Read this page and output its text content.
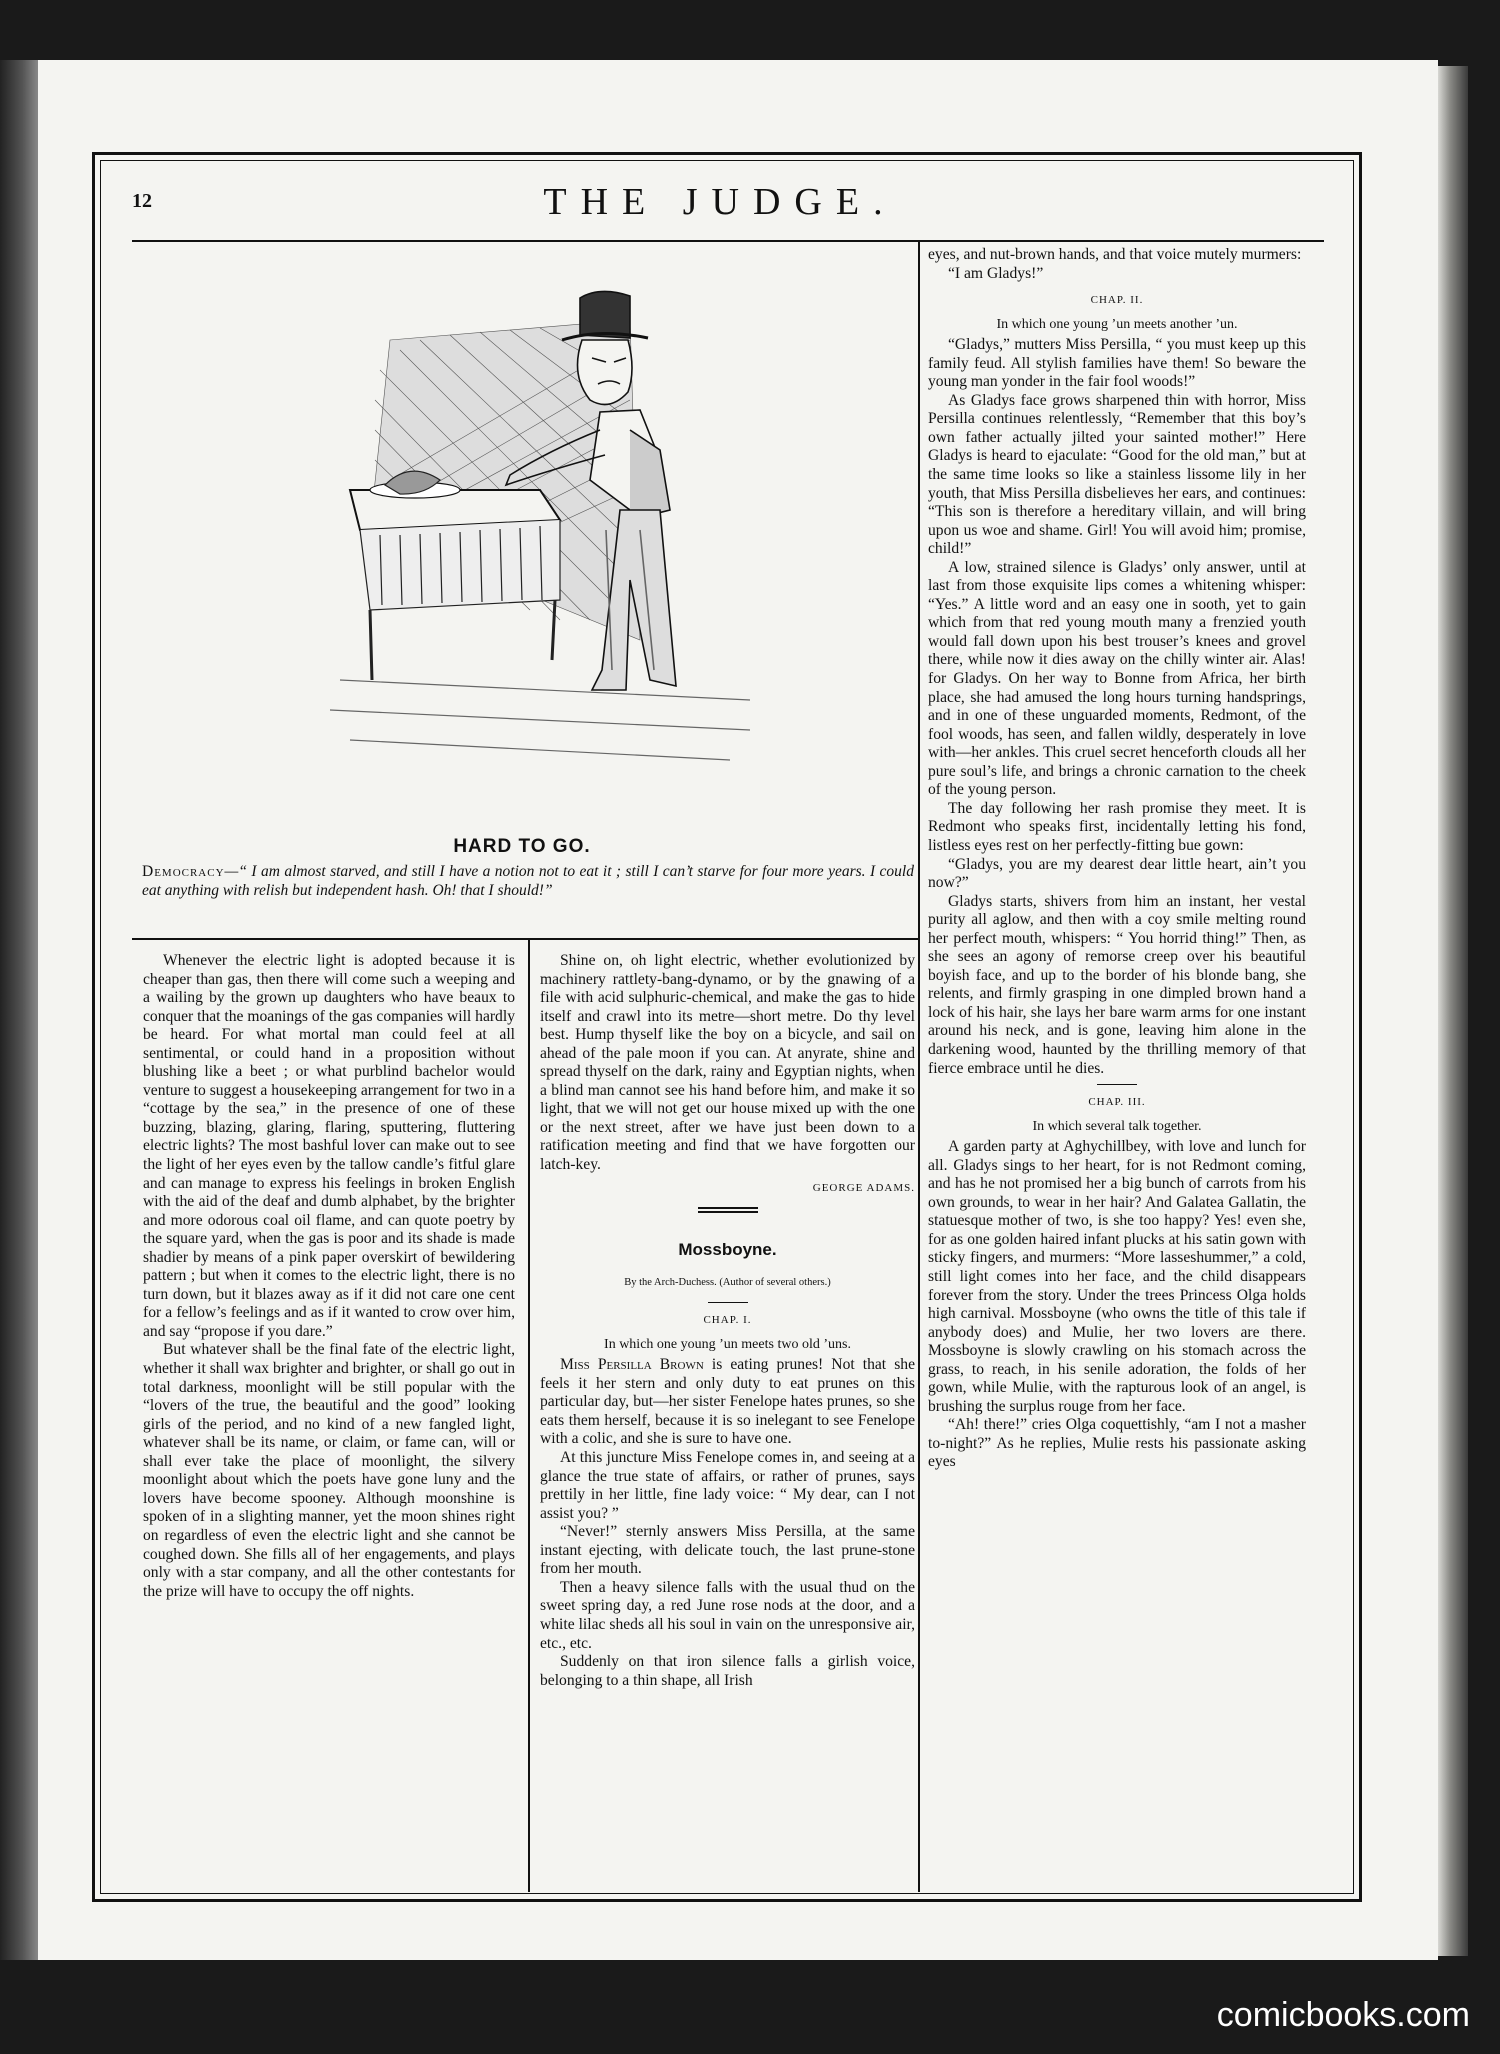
12	THE JUDGE.
HARD TO GO.
Democracy—“ I am almost starved, and still I have a notion not to eat it ; still I can’t starve for four more years. I could eat anything with relish but independent hash. Oh! that I should!”

Whenever the electric light is adopted because it is cheaper than gas, then there will come such a weeping and a wailing by the grown up daughters who have beaux to conquer that the moanings of the gas companies will hardly be heard. For what mortal man could feel at all sentimental, or could hand in a proposition without blushing like a beet ; or what purblind bachelor would venture to suggest a housekeeping arrangement for two in a “cottage by the sea,” in the presence of one of these buzzing, blazing, glaring, flaring, sputtering, fluttering electric lights? The most bashful lover can make out to see the light of her eyes even by the tallow candle’s fitful glare and can manage to express his feelings in broken English with the aid of the deaf and dumb alphabet, by the brighter and more odorous coal oil flame, and can quote poetry by the square yard, when the gas is poor and its shade is made shadier by means of a pink paper overskirt of bewildering pattern ; but when it comes to the electric light, there is no turn down, but it blazes away as if it did not care one cent for a fellow’s feelings and as if it wanted to crow over him, and say “propose if you dare.”

But whatever shall be the final fate of the electric light, whether it shall wax brighter and brighter, or shall go out in total darkness, moonlight will be still popular with the “lovers of the true, the beautiful and the good” looking girls of the period, and no kind of a new fangled light, whatever shall be its name, or claim, or fame can, will or shall ever take the place of moonlight, the silvery moonlight about which the poets have gone luny and the lovers have become spooney. Although moonshine is spoken of in a slighting manner, yet the moon shines right on regardless of even the electric light and she cannot be coughed down. She fills all of her engagements, and plays only with a star company, and all the other contestants for the prize will have to occupy the off nights.

Shine on, oh light electric, whether evolutionized by machinery rattlety-bang-dynamo, or by the gnawing of a file with acid sulphuric-chemical, and make the gas to hide itself and crawl into its metre—short metre. Do thy level best. Hump thyself like the boy on a bicycle, and sail on ahead of the pale moon if you can. At anyrate, shine and spread thyself on the dark, rainy and Egyptian nights, when a blind man cannot see his hand before him, and make it so light, that we will not get our house mixed up with the one or the next street, after we have just been down to a ratification meeting and find that we have forgotten our latch-key.

GEORGE ADAMS.
Mossboyne.
By the Arch-Duchess. (Author of several others.)
CHAP. I.
In which one young ’un meets two old ’uns.

Miss Persilla Brown is eating prunes! Not that she feels it her stern and only duty to eat prunes on this particular day, but—her sister Fenelope hates prunes, so she eats them herself, because it is so inelegant to see Fenelope with a colic, and she is sure to have one.

At this juncture Miss Fenelope comes in, and seeing at a glance the true state of affairs, or rather of prunes, says prettily in her little, fine lady voice: “ My dear, can I not assist you? ”

“Never!” sternly answers Miss Persilla, at the same instant ejecting, with delicate touch, the last prune-stone from her mouth.

Then a heavy silence falls with the usual thud on the sweet spring day, a red June rose nods at the door, and a white lilac sheds all his soul in vain on the unresponsive air, etc., etc.

Suddenly on that iron silence falls a girlish voice, belonging to a thin shape, all Irish

eyes, and nut-brown hands, and that voice mutely murmers:

“I am Gladys!”

CHAP. II.
In which one young ’un meets another ’un.

“Gladys,” mutters Miss Persilla, “ you must keep up this family feud. All stylish families have them! So beware the young man yonder in the fair fool woods!”

As Gladys face grows sharpened thin with horror, Miss Persilla continues relentlessly, “Remember that this boy’s own father actually jilted your sainted mother!” Here Gladys is heard to ejaculate: “Good for the old man,” but at the same time looks so like a stainless lissome lily in her youth, that Miss Persilla disbelieves her ears, and continues: “This son is therefore a hereditary villain, and will bring upon us woe and shame. Girl! You will avoid him; promise, child!”

A low, strained silence is Gladys’ only answer, until at last from those exquisite lips comes a whitening whisper: “Yes.” A little word and an easy one in sooth, yet to gain which from that red young mouth many a frenzied youth would fall down upon his best trouser’s knees and grovel there, while now it dies away on the chilly winter air. Alas! for Gladys. On her way to Bonne from Africa, her birth place, she had amused the long hours turning handsprings, and in one of these unguarded moments, Redmont, of the fool woods, has seen, and fallen wildly, desperately in love with—her ankles. This cruel secret henceforth clouds all her pure soul’s life, and brings a chronic carnation to the cheek of the young person.

The day following her rash promise they meet. It is Redmont who speaks first, incidentally letting his fond, listless eyes rest on her perfectly-fitting bue gown:

“Gladys, you are my dearest dear little heart, ain’t you now?”

Gladys starts, shivers from him an instant, her vestal purity all aglow, and then with a coy smile melting round her perfect mouth, whispers: “ You horrid thing!” Then, as she sees an agony of remorse creep over his beautiful boyish face, and up to the border of his blonde bang, she relents, and firmly grasping in one dimpled brown hand a lock of his hair, she lays her bare warm arms for one instant around his neck, and is gone, leaving him alone in the darkening wood, haunted by the thrilling memory of that fierce embrace until he dies.

CHAP. III.
In which several talk together.

A garden party at Aghychillbey, with love and lunch for all. Gladys sings to her heart, for is not Redmont coming, and has he not promised her a big bunch of carrots from his own grounds, to wear in her hair? And Galatea Gallatin, the statuesque mother of two, is she too happy? Yes! even she, for as one golden haired infant plucks at his satin gown with sticky fingers, and murmers: “More lasseshummer,” a cold, still light comes into her face, and the child disappears forever from the story. Under the trees Princess Olga holds high carnival. Mossboyne (who owns the title of this tale if anybody does) and Mulie, her two lovers are there. Mossboyne is slowly crawling on his stomach across the grass, to reach, in his senile adoration, the folds of her gown, while Mulie, with the rapturous look of an angel, is brushing the surplus rouge from her face.

“Ah! there!” cries Olga coquettishly, “am I not a masher to-night?” As he replies, Mulie rests his passionate asking eyes

comicbooks.com
